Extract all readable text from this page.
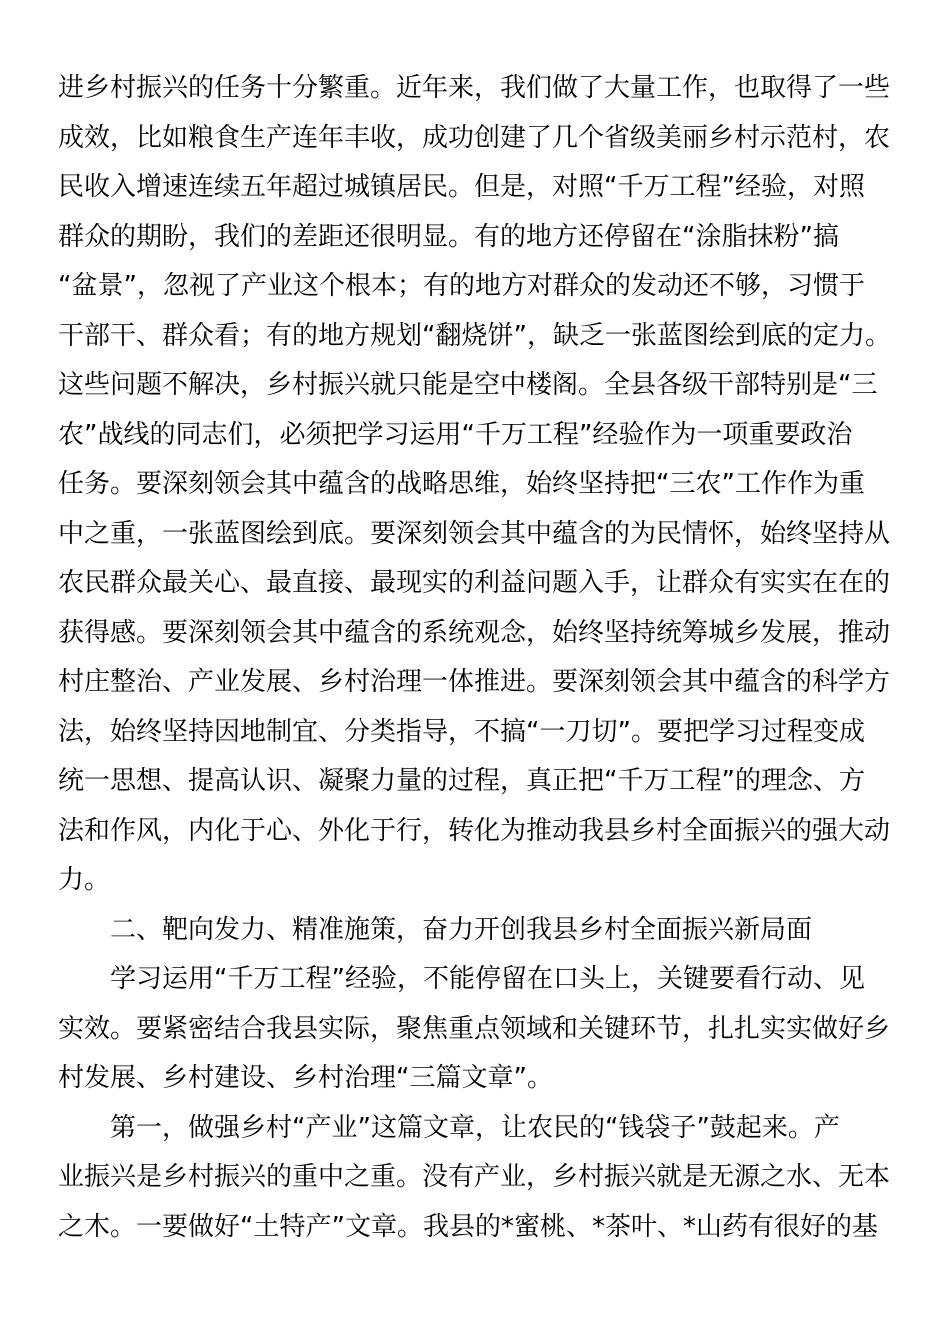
进乡村振兴的任务十分繁重。近年来，我们做了大量工作，也取得了一些
成效，比如粮食生产连年丰收，成功创建了几个省级美丽乡村示范村，农
民收入增速连续五年超过城镇居民。但是，对照“千万工程”经验，对照
群众的期盼，我们的差距还很明显。有的地方还停留在“涂脂抹粉”搞
“盆景”，忽视了产业这个根本；有的地方对群众的发动还不够，习惯于
干部干、群众看；有的地方规划“翻烧饼”，缺乏一张蓝图绘到底的定力。
这些问题不解决，乡村振兴就只能是空中楼阁。全县各级干部特别是“三
农”战线的同志们，必须把学习运用“千万工程”经验作为一项重要政治
任务。要深刻领会其中蕴含的战略思维，始终坚持把“三农”工作作为重
中之重，一张蓝图绘到底。要深刻领会其中蕴含的为民情怀，始终坚持从
农民群众最关心、最直接、最现实的利益问题入手，让群众有实实在在的
获得感。要深刻领会其中蕴含的系统观念，始终坚持统筹城乡发展，推动
村庄整治、产业发展、乡村治理一体推进。要深刻领会其中蕴含的科学方
法，始终坚持因地制宜、分类指导，不搞“一刀切”。要把学习过程变成
统一思想、提高认识、凝聚力量的过程，真正把“千万工程”的理念、方
法和作风，内化于心、外化于行，转化为推动我县乡村全面振兴的强大动
力。
二、靶向发力、精准施策，奋力开创我县乡村全面振兴新局面
学习运用“千万工程”经验，不能停留在口头上，关键要看行动、见
实效。要紧密结合我县实际，聚焦重点领域和关键环节，扎扎实实做好乡
村发展、乡村建设、乡村治理“三篇文章”。
第一，做强乡村“产业”这篇文章，让农民的“钱袋子”鼓起来。产
业振兴是乡村振兴的重中之重。没有产业，乡村振兴就是无源之水、无本
之木。一要做好“土特产”文章。我县的*蜜桃、*茶叶、*山药有很好的基
